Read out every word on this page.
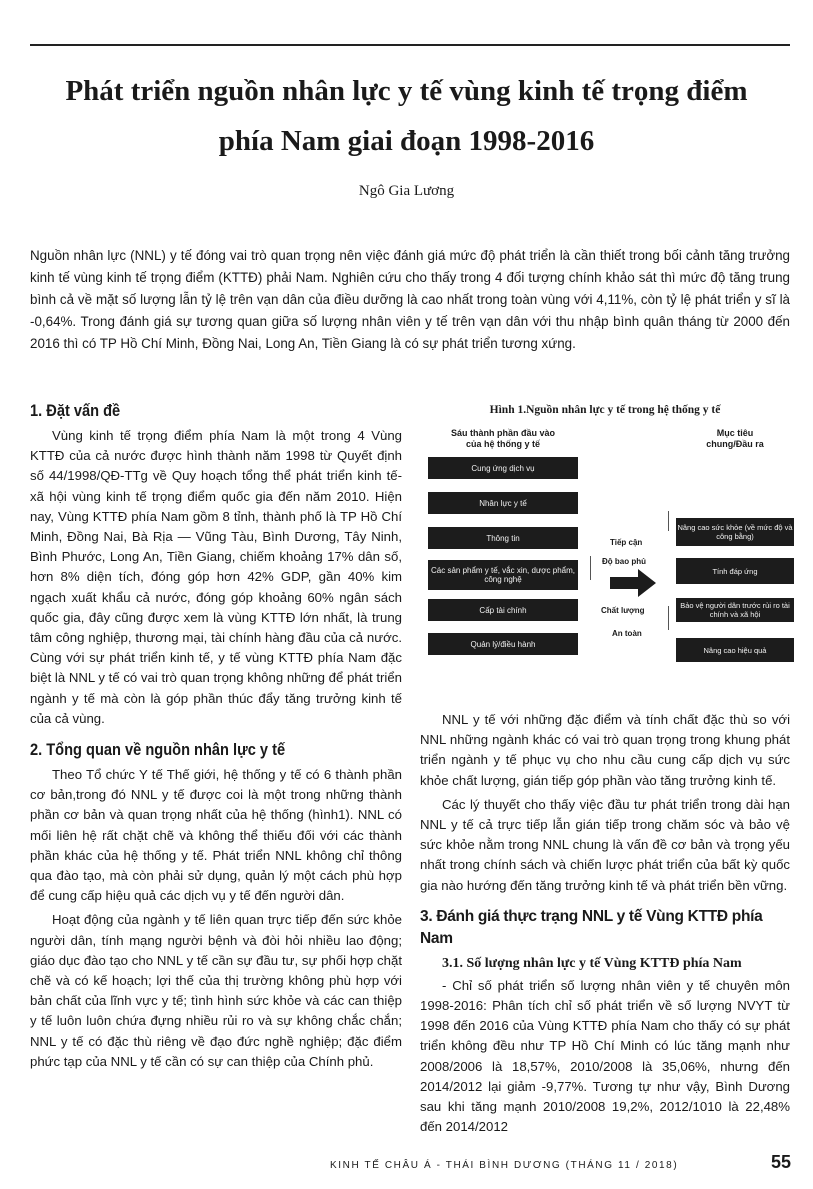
Phát triển nguồn nhân lực y tế vùng kinh tế trọng điểm
phía Nam giai đoạn 1998-2016
Ngô Gia Lương

Nguồn nhân lực (NNL) y tế đóng vai trò quan trọng nên việc đánh giá mức độ phát triển là cần thiết trong bối cảnh tăng trưởng kinh tế vùng kinh tế trọng điểm (KTTĐ) phải Nam. Nghiên cứu cho thấy trong 4 đối tượng chính khảo sát thì mức độ tăng trung bình cả về mặt số lượng lẫn tỷ lệ trên vạn dân của điều dưỡng là cao nhất trong toàn vùng với 4,11%, còn tỷ lệ phát triển y sĩ là -0,64%. Trong đánh giá sự tương quan giữa số lượng nhân viên y tế trên vạn dân với thu nhập bình quân tháng từ 2000 đến 2016 thì có TP Hồ Chí Minh, Đồng Nai, Long An, Tiền Giang là có sự phát triển tương xứng.

1. Đặt vấn đề

Vùng kinh tế trọng điểm phía Nam là một trong 4 Vùng KTTĐ của cả nước được hình thành năm 1998 từ Quyết định số 44/1998/QĐ-TTg về Quy hoạch tổng thể phát triển kinh tế-xã hội vùng kinh tế trọng điểm quốc gia đến năm 2010. Hiện nay, Vùng KTTĐ phía Nam gồm 8 tỉnh, thành phố là TP Hồ Chí Minh, Đồng Nai, Bà Rịa — Vũng Tàu, Bình Dương, Tây Ninh, Bình Phước, Long An, Tiền Giang, chiếm khoảng 17% dân số, hơn 8% diện tích, đóng góp hơn 42% GDP, gần 40% kim ngạch xuất khẩu cả nước, đóng góp khoảng 60% ngân sách quốc gia, đây cũng được xem là vùng KTTĐ lớn nhất, là trung tâm công nghiệp, thương mại, tài chính hàng đầu của cả nước. Cùng với sự phát triển kinh tế, y tế vùng KTTĐ phía Nam đặc biệt là NNL y tế có vai trò quan trọng không những để phát triển ngành y tế mà còn là góp phần thúc đẩy tăng trưởng kinh tế của cả vùng.

2. Tổng quan về nguồn nhân lực y tế

Theo Tổ chức Y tế Thế giới, hệ thống y tế có 6 thành phần cơ bản,trong đó NNL y tế được coi là một trong những thành phần cơ bản và quan trọng nhất của hệ thống (hình1). NNL có mối liên hệ rất chặt chẽ và không thể thiếu đối với các thành phần khác của hệ thống y tế. Phát triển NNL không chỉ thông qua đào tạo, mà còn phải sử dụng, quản lý một cách phù hợp để cung cấp hiệu quả các dịch vụ y tế đến người dân.

Hoạt động của ngành y tế liên quan trực tiếp đến sức khỏe người dân, tính mạng người bệnh và đòi hỏi nhiều lao động; giáo dục đào tạo cho NNL y tế cần sự đầu tư, sự phối hợp chặt chẽ và có kế hoạch; lợi thế của thị trường không phù hợp với bản chất của lĩnh vực y tế; tình hình sức khỏe và các can thiệp y tế luôn luôn chứa đựng nhiều rủi ro và sự không chắc chắn; NNL y tế có đặc thù riêng về đạo đức nghề nghiệp; đặc điểm phức tạp của NNL y tế cần có sự can thiệp của Chính phủ.

Hình 1.Nguồn nhân lực y tế trong hệ thống y tế
Sáu thành phần đầu vào
của hệ thống y tế
Mục tiêu
chung/Đầu ra
Cung ứng dịch vụ
Nhân lực y tế
Thông tin
Các sản phẩm y tế, vắc xin, dược phẩm, công nghệ
Cấp tài chính
Quản lý/điều hành
Tiếp cận
Độ bao phủ
Chất lượng
An toàn
Nâng cao sức khỏe (về mức độ và công bằng)
Tính đáp ứng
Bảo vệ người dân trước rủi ro tài chính và xã hội
Nâng cao hiệu quả

NNL y tế với những đặc điểm và tính chất đặc thù so với NNL những ngành khác có vai trò quan trọng trong khung phát triển ngành y tế phục vụ cho nhu cầu cung cấp dịch vụ sức khỏe chất lượng, gián tiếp góp phần vào tăng trưởng kinh tế.

Các lý thuyết cho thấy việc đầu tư phát triển trong dài hạn NNL y tế cả trực tiếp lẫn gián tiếp trong chăm sóc và bảo vệ sức khỏe nằm trong NNL chung là vấn đề cơ bản và trọng yếu nhất trong chính sách và chiến lược phát triển của bất kỳ quốc gia nào hướng đến tăng trưởng kinh tế và phát triển bền vững.

3. Đánh giá thực trạng NNL y tế Vùng KTTĐ phía Nam
3.1. Số lượng nhân lực y tế Vùng KTTĐ phía Nam

- Chỉ số phát triển số lượng nhân viên y tế chuyên môn 1998-2016: Phân tích chỉ số phát triển về số lượng NVYT từ 1998 đến 2016 của Vùng KTTĐ phía Nam cho thấy có sự phát triển không đều như TP Hồ Chí Minh có lúc tăng mạnh như 2008/2006 là 18,57%, 2010/2008 là 35,06%, nhưng đến 2014/2012 lại giảm -9,77%. Tương tự như vậy, Bình Dương sau khi tăng mạnh 2010/2008 19,2%, 2012/1010 là 22,48% đến 2014/2012

KINH TẾ CHÂU Á - THÁI BÌNH DƯƠNG (THÁNG 11 / 2018)	55
